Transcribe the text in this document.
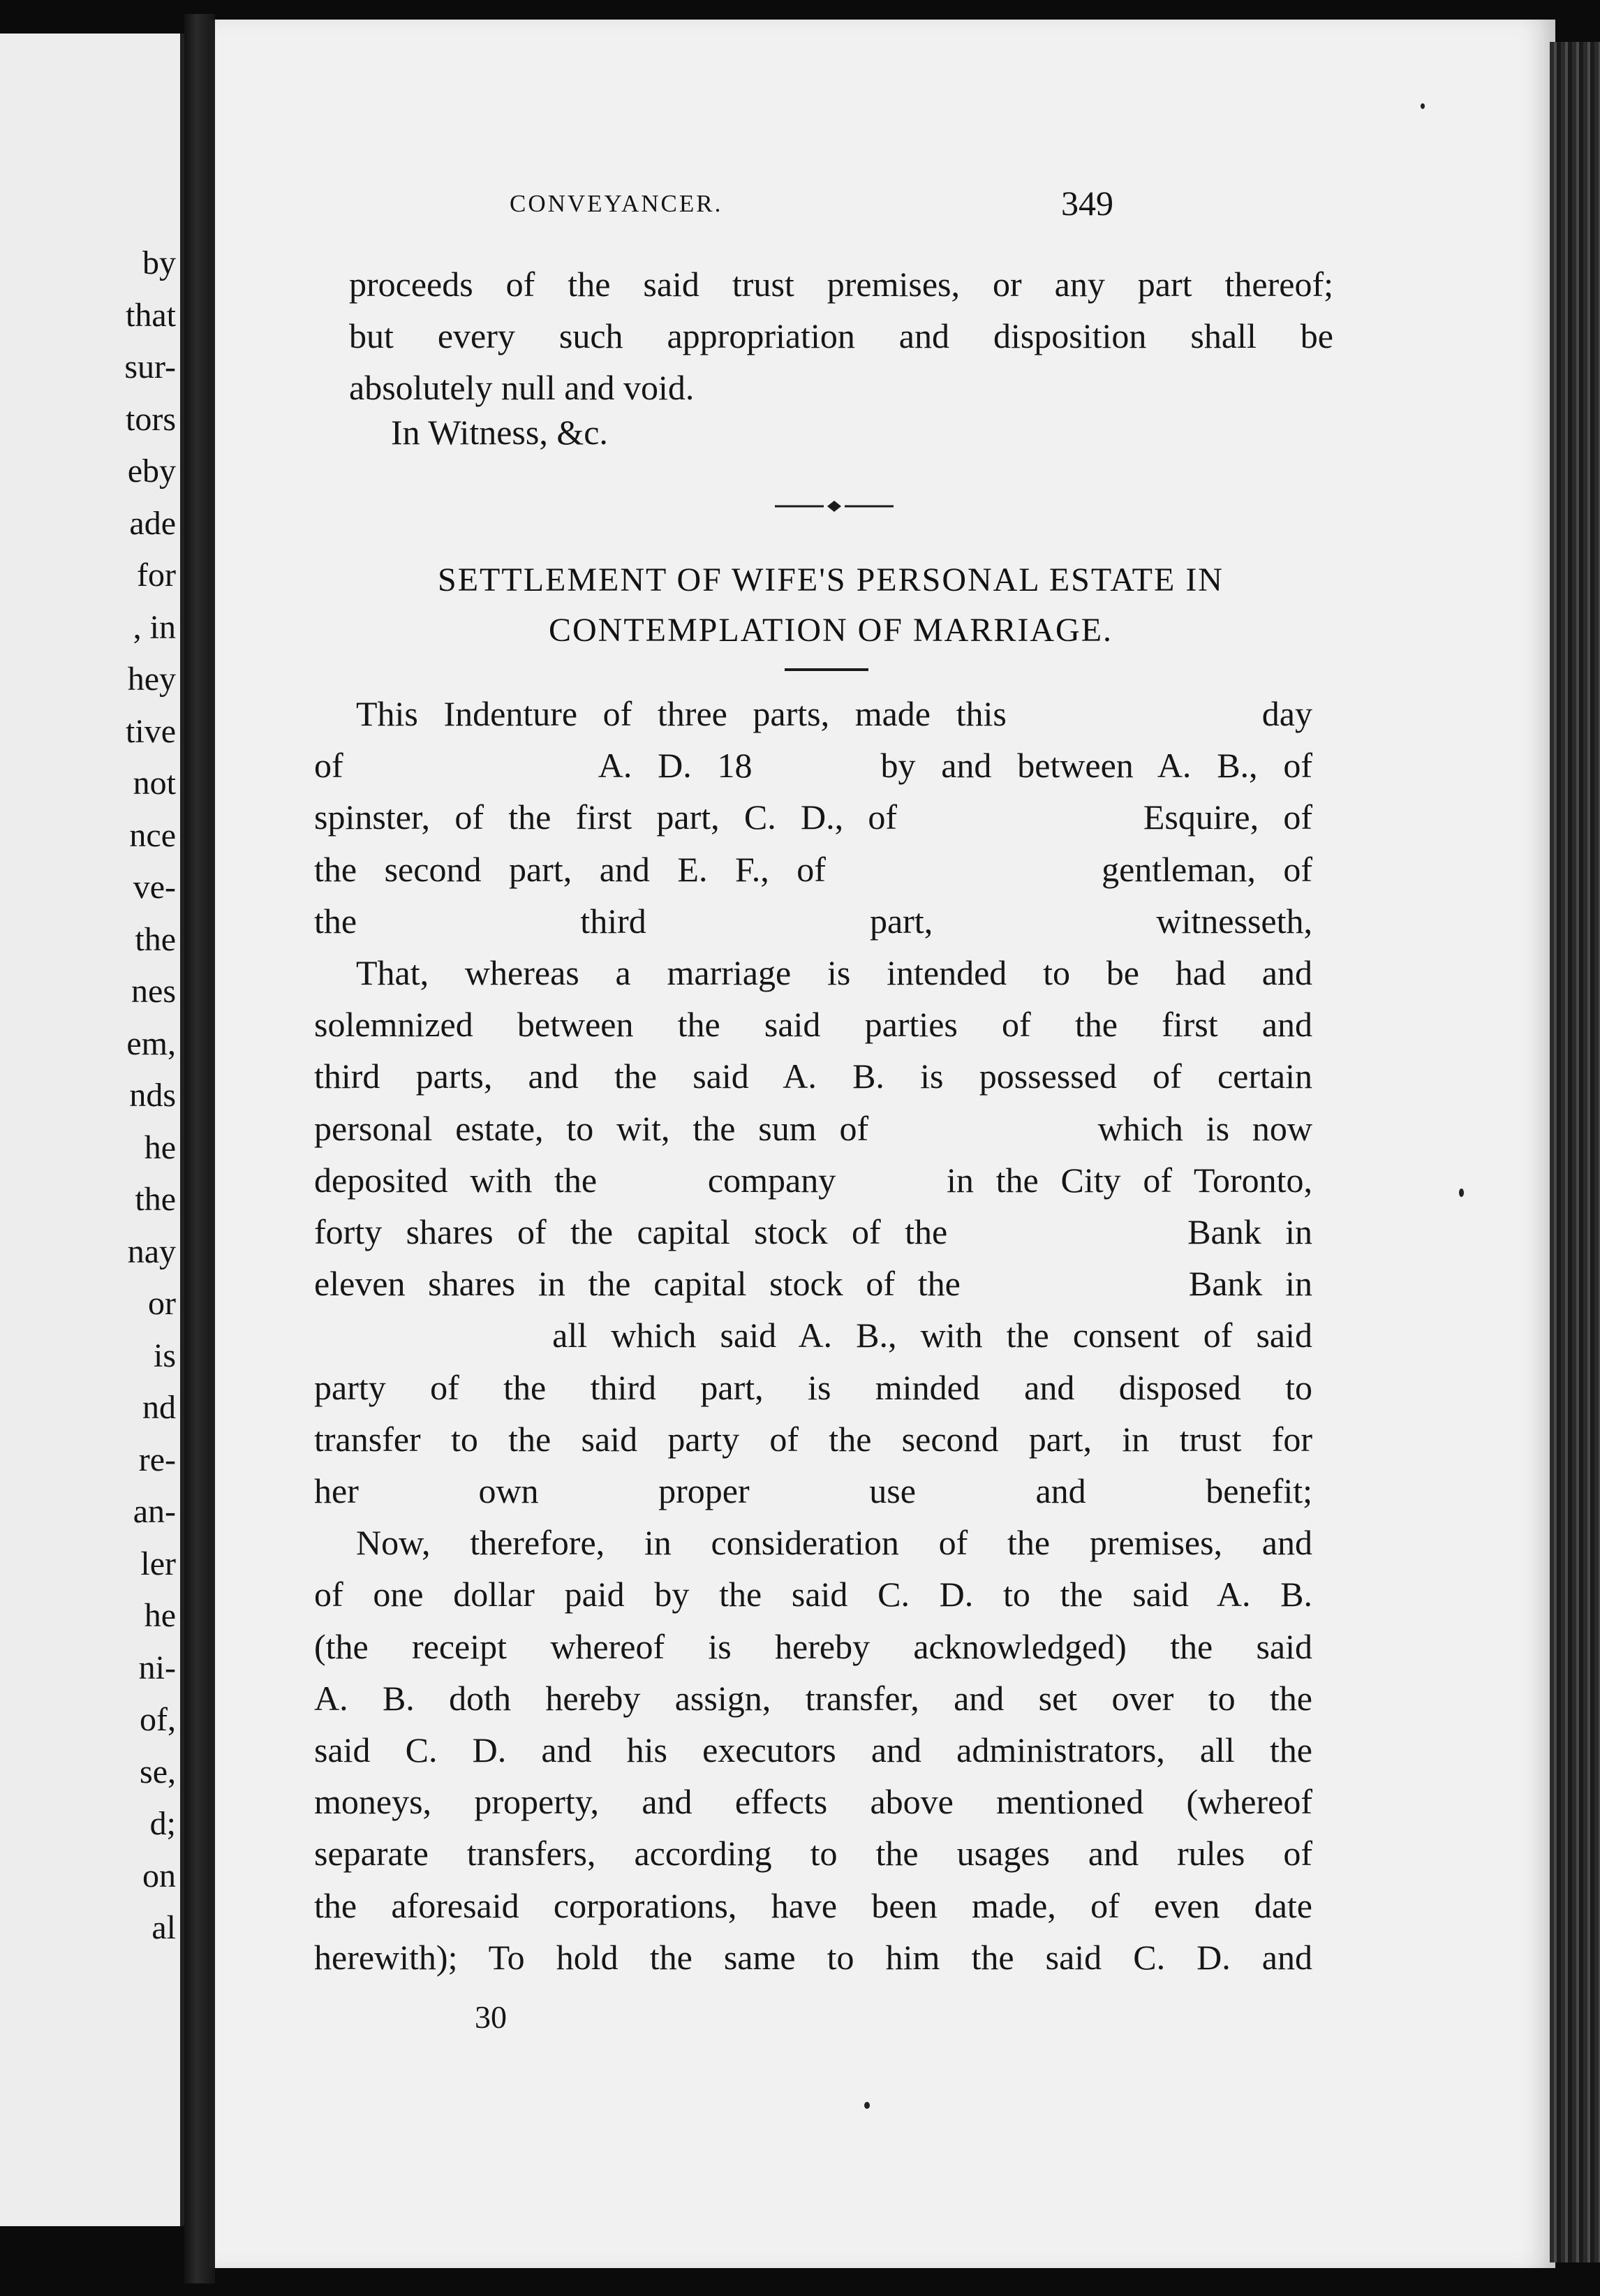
by
that
sur-
tors
eby
ade
for
, in
hey
tive
not
nce
ve-
the
nes
em,
nds
he
the
nay
or
is
nd
re-
an-
ler
he
ni-
of,
se,
d;
on
al
CONVEYANCER.	349
proceeds of the said trust premises, or any part thereof;
but every such appropriation and disposition shall be
absolutely null and void.
In Witness, &c.
SETTLEMENT OF WIFE'S PERSONAL ESTATE IN
CONTEMPLATION OF MARRIAGE.
This Indenture of three parts, made this          day
of          A. D. 18     by and between A. B., of
spinster, of the first part, C. D., of          Esquire, of
the second part, and E. F., of          gentleman, of
the third part, witnesseth,
That, whereas a marriage is intended to be had and
solemnized between the said parties of the first and
third parts, and the said A. B. is possessed of certain
personal estate, to wit, the sum of          which is now
deposited with the     company     in the City of Toronto,
forty shares of the capital stock of the          Bank in
eleven shares in the capital stock of the          Bank in
all which said A. B., with the consent of said
party of the third part, is minded and disposed to
transfer to the said party of the second part, in trust for
her own proper use and benefit;
Now, therefore, in consideration of the premises, and
of one dollar paid by the said C. D. to the said A. B.
(the receipt whereof is hereby acknowledged) the said
A. B. doth hereby assign, transfer, and set over to the
said C. D. and his executors and administrators, all the
moneys, property, and effects above mentioned (whereof
separate transfers, according to the usages and rules of
the aforesaid corporations, have been made, of even date
herewith); To hold the same to him the said C. D. and
30
